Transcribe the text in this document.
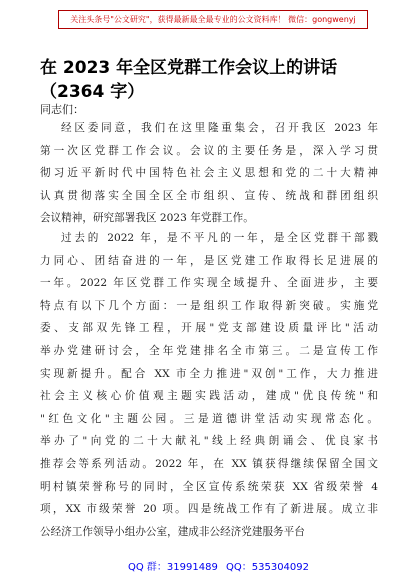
关注头条号"公文研究"，获得最新最全最专业的公文资料库！ 微信：gongwenyj
在 2023 年全区党群工作会议上的讲话
（2364 字）
同志们：
经区委同意，我们在这里隆重集会，召开我区 2023 年
第一次区党群工作会议。会议的主要任务是，深入学习贯
彻习近平新时代中国特色社会主义思想和党的二十大精神
认真贯彻落实全国全区全市组织、宣传、统战和群团组织
会议精神，研究部署我区 2023 年党群工作。
过去的 2022 年，是不平凡的一年，是全区党群干部戮
力同心、团结奋进的一年，是区党建工作取得长足进展的
一年。2022 年区党群工作实现全域提升、全面进步，主要
特点有以下几个方面：一是组织工作取得新突破。实施党
委、支部双先锋工程，开展"党支部建设质量评比"活动
举办党建研讨会，全年党建排名全市第三。二是宣传工作
实现新提升。配合 XX 市全力推进"双创"工作，大力推进
社会主义核心价值观主题实践活动，建成"优良传统"和
"红色文化"主题公园。三是道德讲堂活动实现常态化。
举办了"向党的二十大献礼"线上经典朗诵会、优良家书
推荐会等系列活动。2022 年，在 XX 镇获得继续保留全国文
明村镇荣誉称号的同时，全区宣传系统荣获 XX 省级荣誉 4
项，XX 市级荣誉 20 项。四是统战工作有了新进展。成立非
公经济工作领导小组办公室，建成非公经济党建服务平台
QQ 群：31991489 QQ：535304092
